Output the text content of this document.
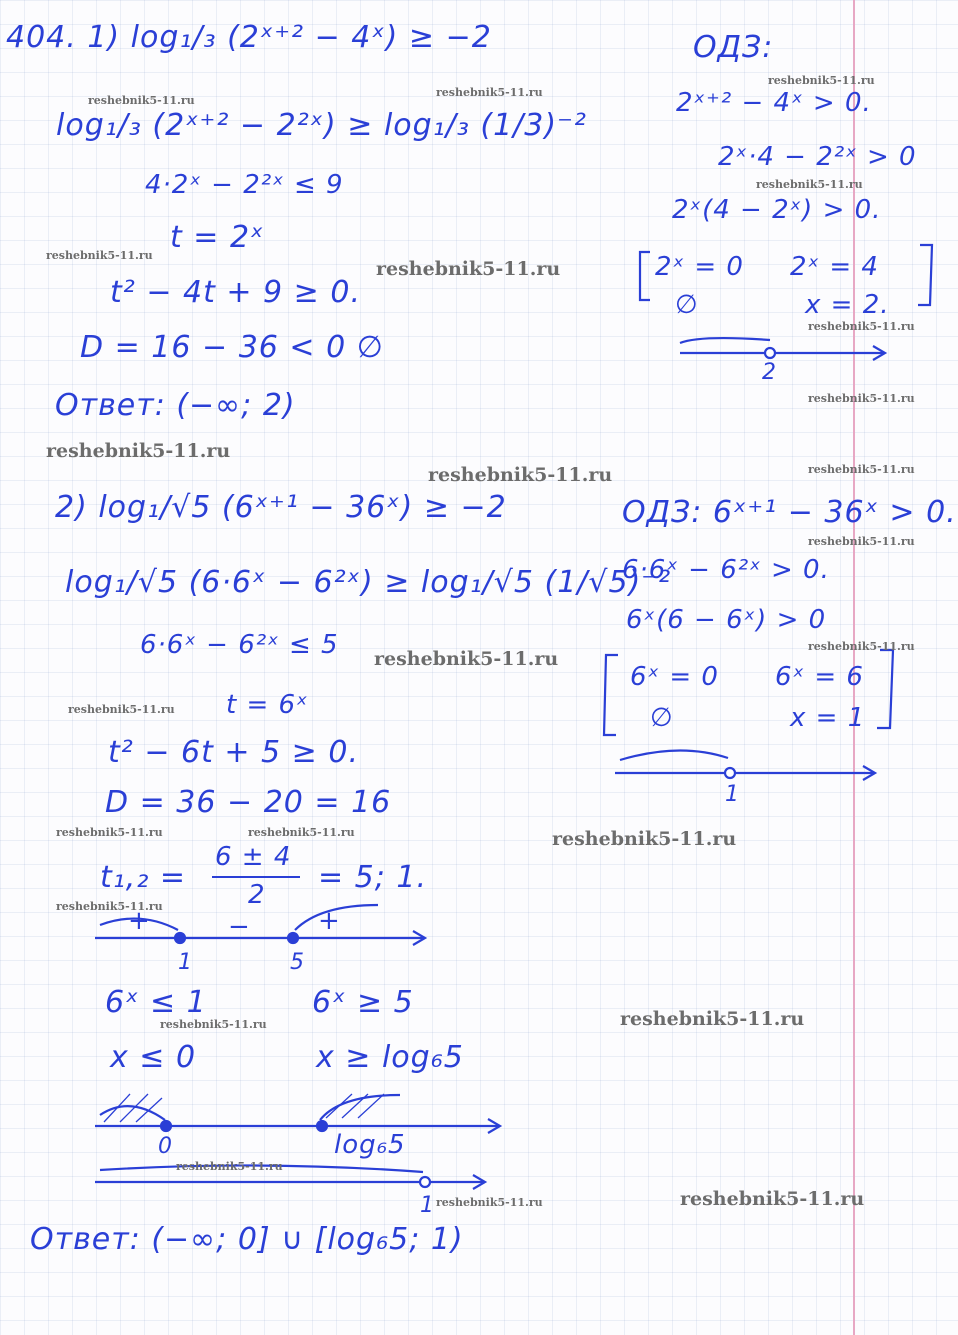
404. 1) log₁/₃ (2ˣ⁺² − 4ˣ) ≥ −2
log₁/₃ (2ˣ⁺² − 2²ˣ) ≥ log₁/₃ (1/3)⁻²
4·2ˣ − 2²ˣ ≤ 9
t = 2ˣ
t² − 4t + 9 ≥ 0.
D = 16 − 36 < 0 ∅
Ответ: (−∞; 2)
ОДЗ:
2ˣ⁺² − 4ˣ > 0.
2ˣ·4 − 2²ˣ > 0
2ˣ(4 − 2ˣ) > 0.
2ˣ = 0
∅
2ˣ = 4
x = 2.
2
2) log₁/√5 (6ˣ⁺¹ − 36ˣ) ≥ −2
log₁/√5 (6·6ˣ − 6²ˣ) ≥ log₁/√5 (1/√5)⁻²
6·6ˣ − 6²ˣ ≤ 5
t = 6ˣ
t² − 6t + 5 ≥ 0.
D = 36 − 20 = 16
t₁,₂ =
6 ± 4
2 = 5; 1.
+	−	+
1	5
6ˣ ≤ 1	6ˣ ≥ 5
x ≤ 0	x ≥ log₆5
0	log₆5
1
Ответ: (−∞; 0] ∪ [log₆5; 1)
ОДЗ: 6ˣ⁺¹ − 36ˣ > 0.
6·6ˣ − 6²ˣ > 0.
6ˣ(6 − 6ˣ) > 0
6ˣ = 0
∅
6ˣ = 6
x = 1
1
reshebnik5-11.ru
reshebnik5-11.ru
reshebnik5-11.ru
reshebnik5-11.ru
reshebnik5-11.ru
reshebnik5-11.ru
reshebnik5-11.ru
reshebnik5-11.ru
reshebnik5-11.ru
reshebnik5-11.ru	reshebnik5-11.ru
reshebnik5-11.ru
reshebnik5-11.ru
reshebnik5-11.ru
reshebnik5-11.ru
reshebnik5-11.ru	reshebnik5-11.ru	reshebnik5-11.ru
reshebnik5-11.ru
reshebnik5-11.ru	reshebnik5-11.ru
reshebnik5-11.ru
reshebnik5-11.ru	reshebnik5-11.ru
